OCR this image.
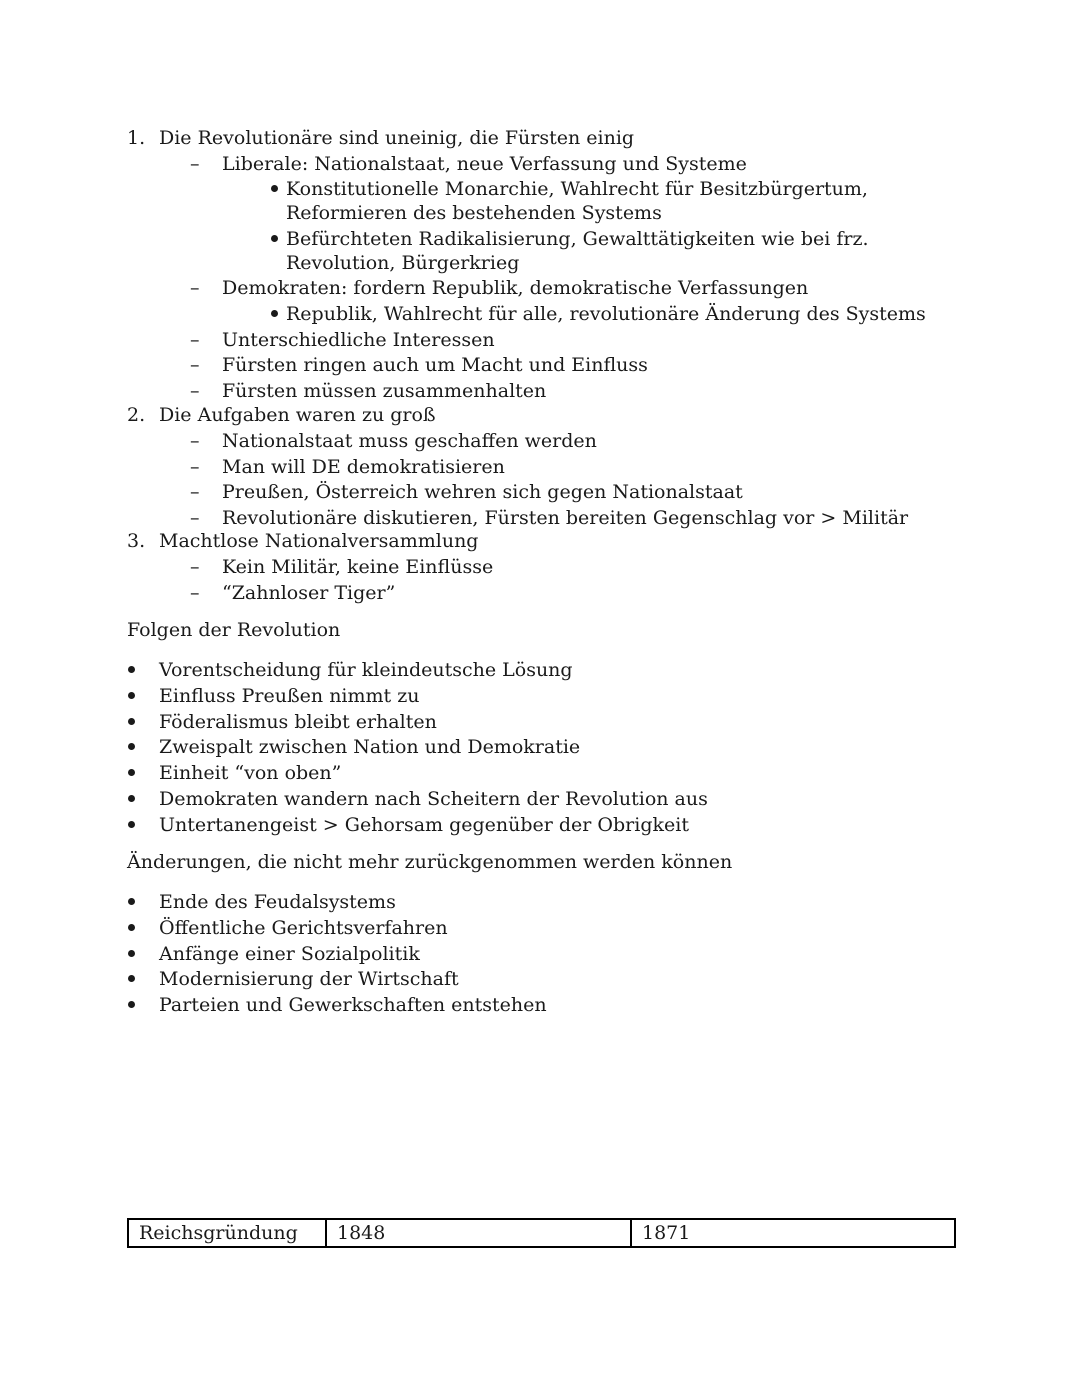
1. Die Revolutionäre sind uneinig, die Fürsten einig
– Liberale: Nationalstaat, neue Verfassung und Systeme
Konstitutionelle Monarchie, Wahlrecht für Besitzbürgertum,
Reformieren des bestehenden Systems
Befürchteten Radikalisierung, Gewalttätigkeiten wie bei frz.
Revolution, Bürgerkrieg
– Demokraten: fordern Republik, demokratische Verfassungen
Republik, Wahlrecht für alle, revolutionäre Änderung des Systems
– Unterschiedliche Interessen
– Fürsten ringen auch um Macht und Einfluss
– Fürsten müssen zusammenhalten
2. Die Aufgaben waren zu groß
– Nationalstaat muss geschaffen werden
– Man will DE demokratisieren
– Preußen, Österreich wehren sich gegen Nationalstaat
– Revolutionäre diskutieren, Fürsten bereiten Gegenschlag vor > Militär
3. Machtlose Nationalversammlung
– Kein Militär, keine Einflüsse
– “Zahnloser Tiger”
Folgen der Revolution
Vorentscheidung für kleindeutsche Lösung
Einfluss Preußen nimmt zu
Föderalismus bleibt erhalten
Zweispalt zwischen Nation und Demokratie
Einheit “von oben”
Demokraten wandern nach Scheitern der Revolution aus
Untertanengeist > Gehorsam gegenüber der Obrigkeit
Änderungen, die nicht mehr zurückgenommen werden können
Ende des Feudalsystems
Öffentliche Gerichtsverfahren
Anfänge einer Sozialpolitik
Modernisierung der Wirtschaft
Parteien und Gewerkschaften entstehen
Reichsgründung	1848	1871
